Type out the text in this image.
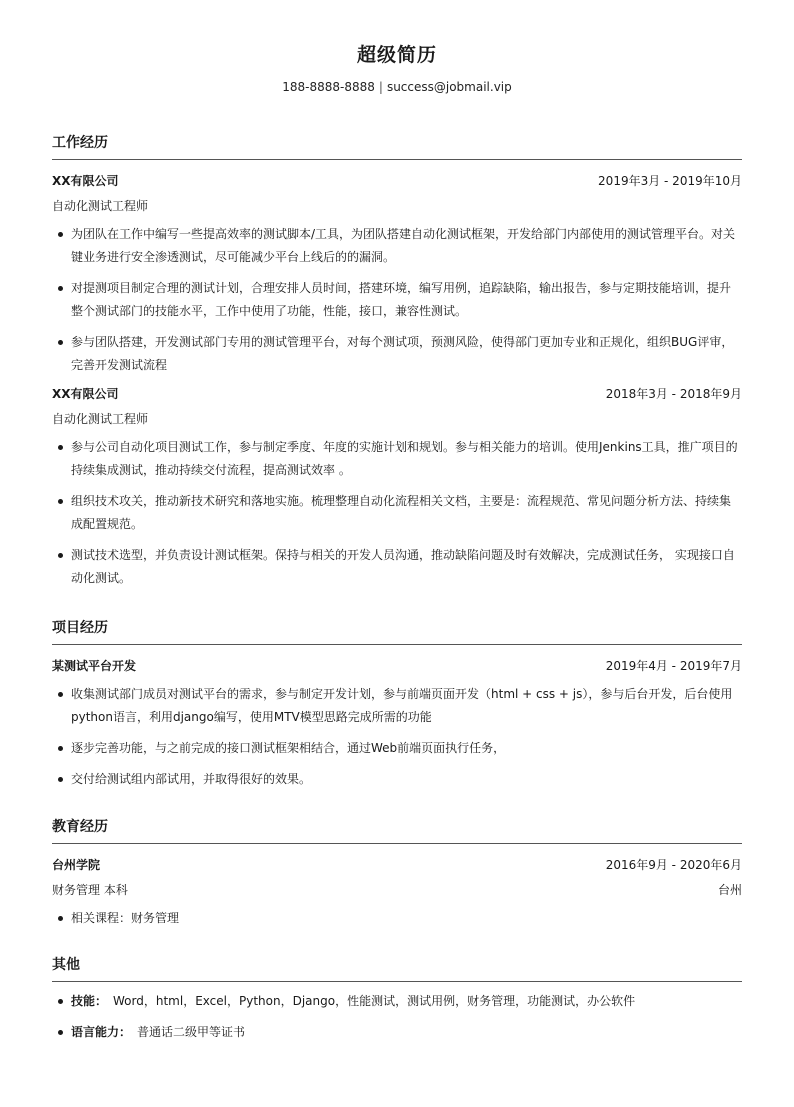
超级简历
188-8888-8888 | success@jobmail.vip
工作经历
XX有限公司	2019年3月 - 2019年10月
自动化测试工程师
为团队在工作中编写一些提高效率的测试脚本/工具，为团队搭建自动化测试框架，开发给部门内部使用的测试管理平台。对关键业务进行安全渗透测试，尽可能减少平台上线后的的漏洞。
对提测项目制定合理的测试计划，合理安排人员时间，搭建环境，编写用例，追踪缺陷，输出报告，参与定期技能培训，提升整个测试部门的技能水平，工作中使用了功能，性能，接口，兼容性测试。
参与团队搭建，开发测试部门专用的测试管理平台，对每个测试项，预测风险，使得部门更加专业和正规化，组织BUG评审，完善开发测试流程
XX有限公司	2018年3月 - 2018年9月
自动化测试工程师
参与公司自动化项目测试工作，参与制定季度、年度的实施计划和规划。参与相关能力的培训。使用Jenkins工具，推广项目的持续集成测试，推动持续交付流程，提高测试效率 。
组织技术攻关，推动新技术研究和落地实施。梳理整理自动化流程相关文档，主要是：流程规范、常见问题分析方法、持续集成配置规范。
测试技术选型，并负责设计测试框架。保持与相关的开发人员沟通，推动缺陷问题及时有效解决，完成测试任务， 实现接口自动化测试。
项目经历
某测试平台开发	2019年4月 - 2019年7月
收集测试部门成员对测试平台的需求，参与制定开发计划，参与前端页面开发（html + css + js），参与后台开发，后台使用python语言，利用django编写，使用MTV模型思路完成所需的功能
逐步完善功能，与之前完成的接口测试框架相结合，通过Web前端页面执行任务，
交付给测试组内部试用，并取得很好的效果。
教育经历
台州学院	2016年9月 - 2020年6月
财务管理 本科	台州
相关课程：财务管理
其他
技能： Word，html，Excel，Python，Django，性能测试，测试用例，财务管理，功能测试，办公软件
语言能力： 普通话二级甲等证书
